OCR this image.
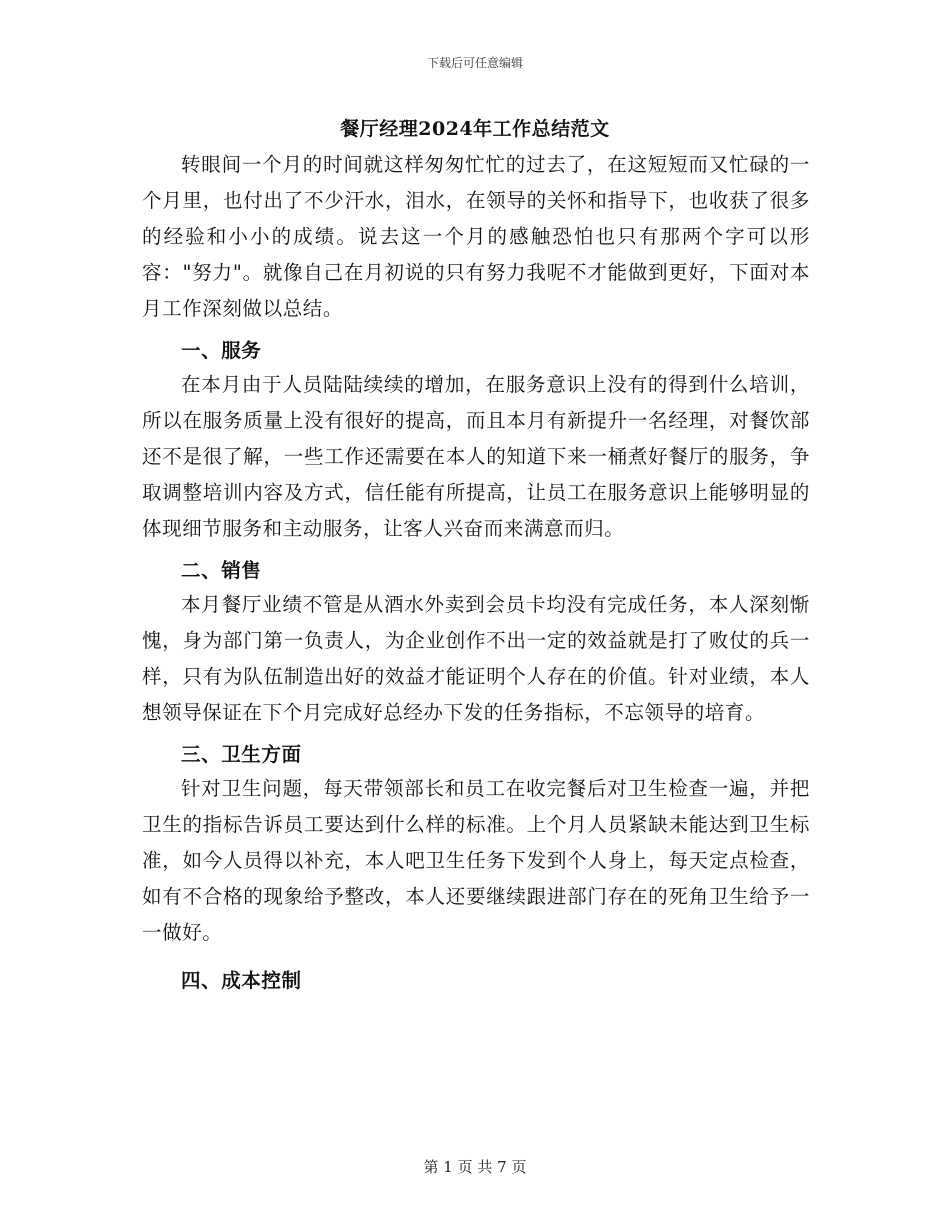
下载后可任意编辑
餐厅经理2024年工作总结范文

转眼间一个月的时间就这样匆匆忙忙的过去了，在这短短而又忙碌的一个月里，也付出了不少汗水，泪水，在领导的关怀和指导下，也收获了很多的经验和小小的成绩。说去这一个月的感触恐怕也只有那两个字可以形容："努力"。就像自己在月初说的只有努力我呢不才能做到更好，下面对本月工作深刻做以总结。

一、服务

在本月由于人员陆陆续续的增加，在服务意识上没有的得到什么培训，所以在服务质量上没有很好的提高，而且本月有新提升一名经理，对餐饮部还不是很了解，一些工作还需要在本人的知道下来一桶煮好餐厅的服务，争取调整培训内容及方式，信任能有所提高，让员工在服务意识上能够明显的体现细节服务和主动服务，让客人兴奋而来满意而归。

二、销售

本月餐厅业绩不管是从酒水外卖到会员卡均没有完成任务，本人深刻惭愧，身为部门第一负责人，为企业创作不出一定的效益就是打了败仗的兵一样，只有为队伍制造出好的效益才能证明个人存在的价值。针对业绩，本人想领导保证在下个月完成好总经办下发的任务指标，不忘领导的培育。

三、卫生方面

针对卫生问题，每天带领部长和员工在收完餐后对卫生检查一遍，并把卫生的指标告诉员工要达到什么样的标准。上个月人员紧缺未能达到卫生标准，如今人员得以补充，本人吧卫生任务下发到个人身上，每天定点检查，如有不合格的现象给予整改，本人还要继续跟进部门存在的死角卫生给予一一做好。

四、成本控制
第 1 页 共 7 页
